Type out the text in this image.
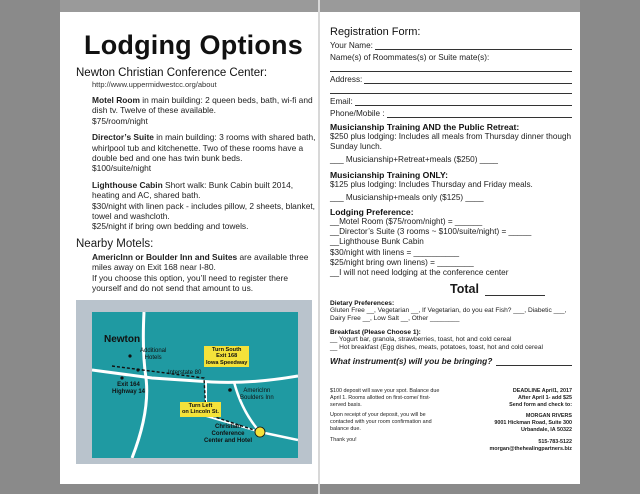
Lodging Options
Newton Christian Conference Center:
http://www.uppermidwestcc.org/about
Motel Room in main building: 2 queen beds, bath, wi-fi and dish tv. Twelve of these available.
$75/room/night
Director’s Suite in main building: 3 rooms with shared bath, whirlpool tub and kitchenette. Two of these rooms have a double bed and one has twin bunk beds.
$100/suite/night
Lighthouse Cabin Short walk: Bunk Cabin built 2014, heating and AC, shared bath.
$30/night with linen pack - includes pillow, 2 sheets, blanket, towel and washcloth.
$25/night if bring own bedding and towels.
Nearby Motels:
AmericInn or Boulder Inn and Suites are available three miles away on Exit 168 near I-80.
If you choose this option, you’ll need to register there yourself and do not send that amount to us.
Newton
Additional
Hotels
Interstate 80
Exit 164
Highway 14	AmericInn
Boulders Inn
Christian
Conference
Center and Hotel
Turn South
Exit 168
Iowa Speedway
Turn Left
on Lincoln St.
Registration Form:
Your Name:
Name(s) of Roommates(s) or Suite mate(s):
Address:
Email:
Phone/Mobile :
Musicianship Training AND the Public Retreat:
$250 plus lodging: Includes all meals from Thursday dinner though Sunday lunch.
___ Musicianship+Retreat+meals ($250) ____
Musicianship Training ONLY:
$125 plus lodging: Includes Thursday and Friday meals.
___ Musicianship+meals only ($125) ____
Lodging Preference:
__Motel Room ($75/room/night) = ______
__Director’s Suite (3 rooms ~ $100/suite/night) = _____
__Lighthouse Bunk Cabin
$30/night with linens = __________
$25/night bring own linens) = ________
__I will not need lodging at the conference center
Total
Dietary Preferences:
Gluten Free __, Vegetarian __, If Vegetarian, do you eat Fish? ___, Diabetic ___, Dairy Free __, Low Salt __, Other ________
Breakfast (Please Choose 1):
__ Yogurt bar, granola, strawberries, toast, hot and cold cereal
__ Hot breakfast (Egg dishes, meats, potatoes, toast, hot and cold cereal
What instrument(s) will you be bringing?

$100 deposit will save your spot. Balance due April 1. Rooms allotted on first-come/ first-served basis.

Upon receipt of your deposit, you will be contacted with your room confirmation and balance due.

Thank you!

DEADLINE April1, 2017
After April 1- add $25
Send form and check to:
MORGAN RIVERS
9001 Hickman Road, Suite 300
Urbandale, IA 50322
515-783-5122
morgan@thehealingpartners.biz
